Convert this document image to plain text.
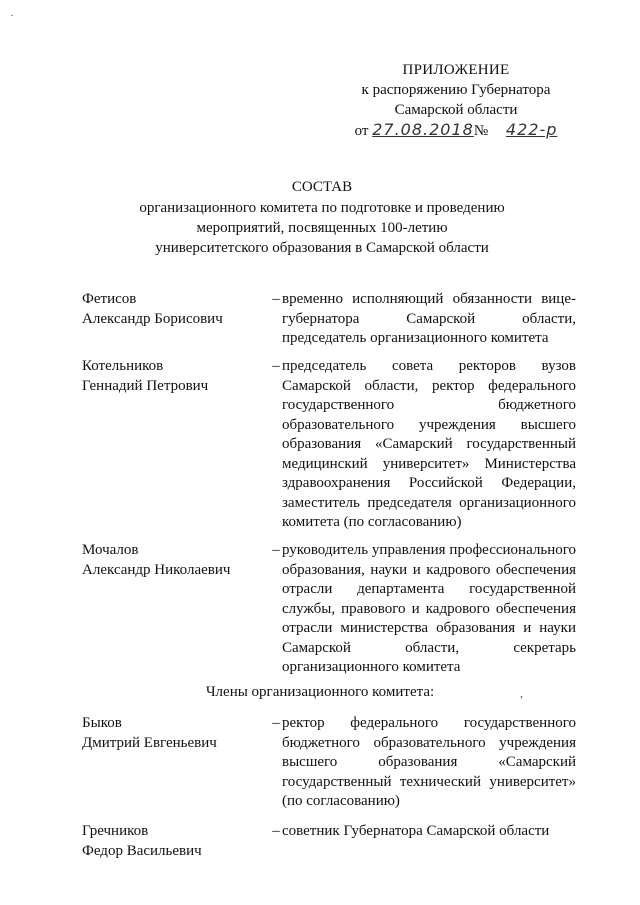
ПРИЛОЖЕНИЕ
к распоряжению Губернатора
Самарской области
от 27.08.2018№ 422-р
СОСТАВ
организационного комитета по подготовке и проведению
мероприятий, посвященных 100-летию
университетского образования в Самарской области
Фетисов
Александр Борисович
– временно исполняющий обязанности вице-губернатора Самарской области, председатель организационного комитета
Котельников
Геннадий Петрович
– председатель совета ректоров вузов Самарской области, ректор федерального государственного бюджетного образовательного учреждения высшего образования «Самарский государственный медицинский университет» Министерства здравоохранения Российской Федерации, заместитель председателя организационного комитета (по согласованию)
Мочалов
Александр Николаевич
– руководитель управления профессионального образования, науки и кадрового обеспечения отрасли департамента государственной службы, правового и кадрового обеспечения отрасли министерства образования и науки Самарской области, секретарь организационного комитета
Члены организационного комитета:
Быков
Дмитрий Евгеньевич
– ректор федерального государственного бюджетного образовательного учреждения высшего образования «Самарский государственный технический университет» (по согласованию)
Гречников
Федор Васильевич
– советник Губернатора Самарской области
·
,
